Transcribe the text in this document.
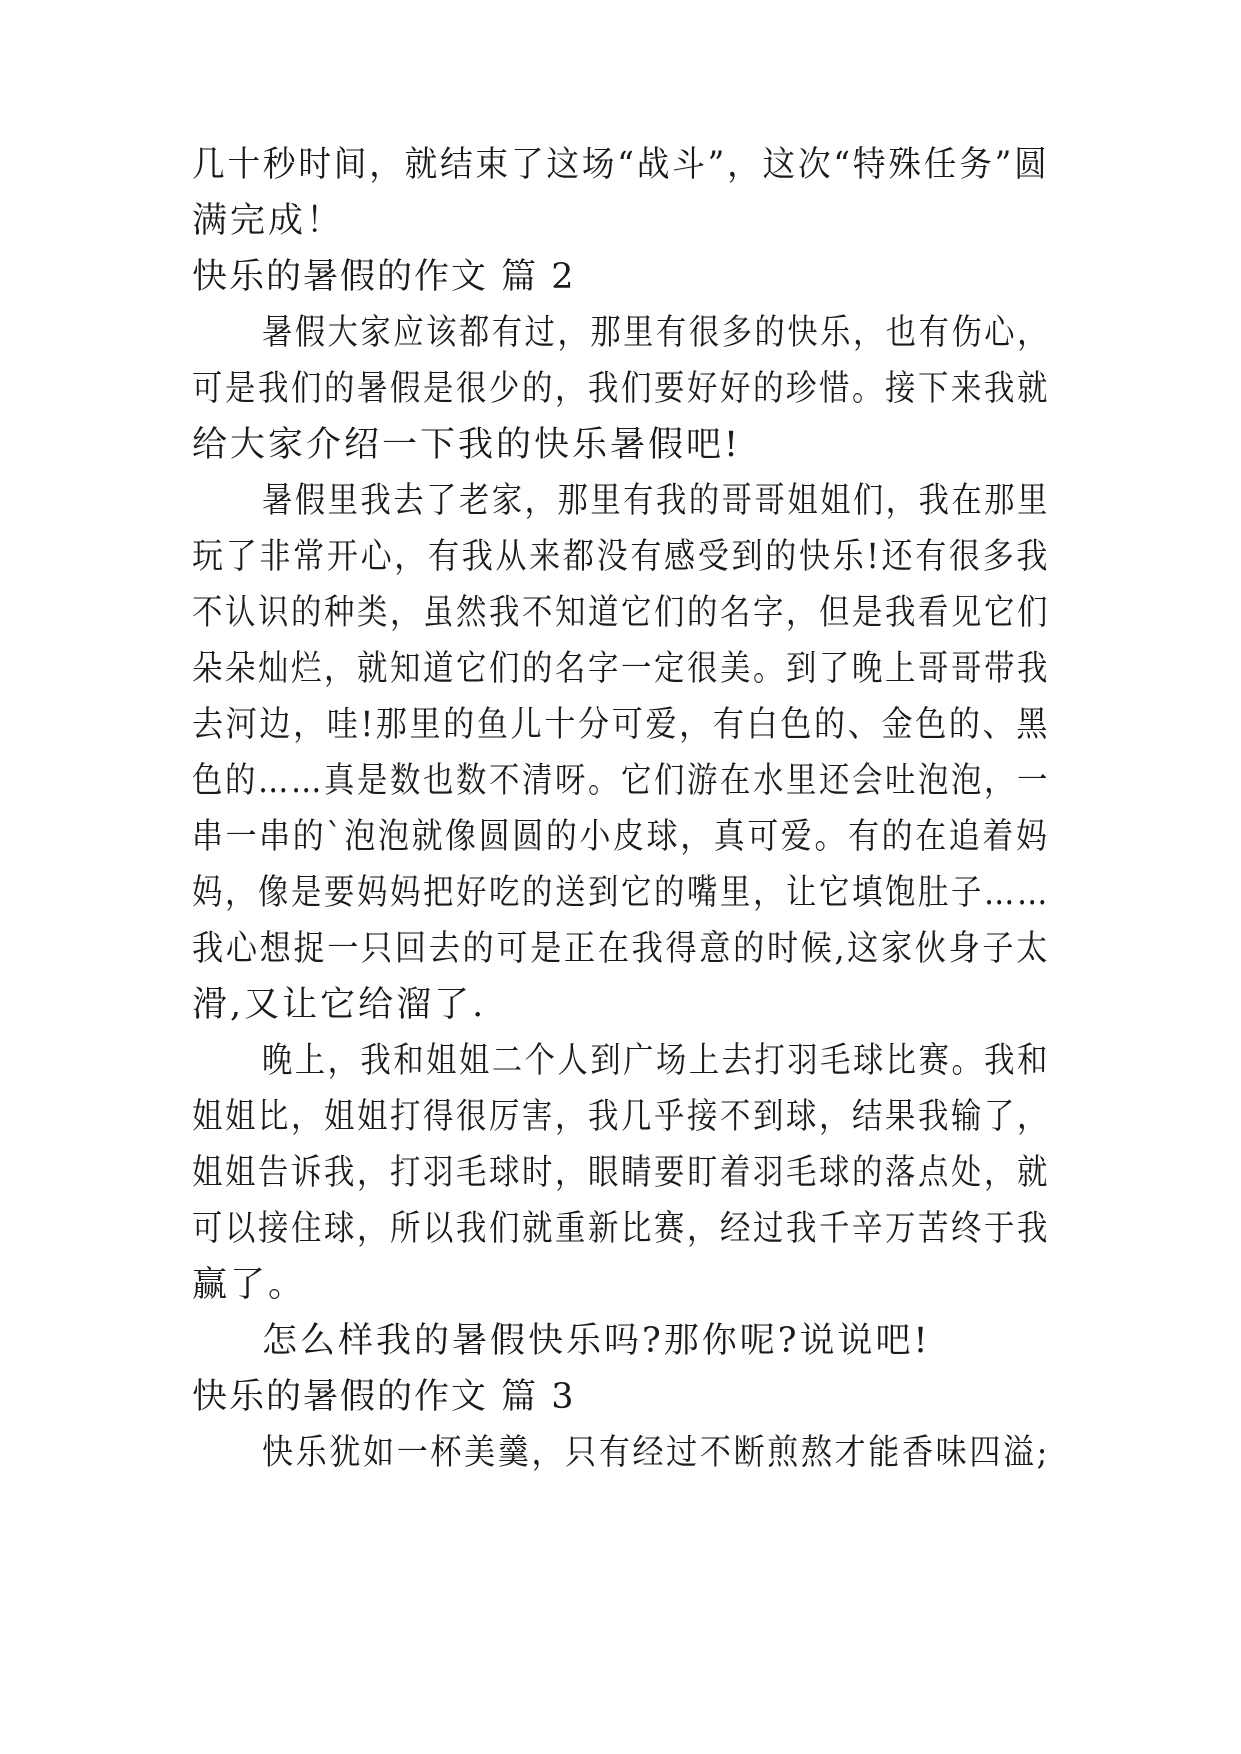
几十秒时间，就结束了这场“战斗”，这次“特殊任务”圆
满完成！
快乐的暑假的作文 篇 2
暑假大家应该都有过，那里有很多的快乐，也有伤心，
可是我们的暑假是很少的，我们要好好的珍惜。接下来我就
给大家介绍一下我的快乐暑假吧!
暑假里我去了老家，那里有我的哥哥姐姐们，我在那里
玩了非常开心，有我从来都没有感受到的快乐!还有很多我
不认识的种类，虽然我不知道它们的名字，但是我看见它们
朵朵灿烂，就知道它们的名字一定很美。到了晚上哥哥带我
去河边，哇!那里的鱼儿十分可爱，有白色的、金色的、黑
色的……真是数也数不清呀。它们游在水里还会吐泡泡，一
串一串的`泡泡就像圆圆的小皮球，真可爱。有的在追着妈
妈，像是要妈妈把好吃的送到它的嘴里，让它填饱肚子……
我心想捉一只回去的可是正在我得意的时候,这家伙身子太
滑,又让它给溜了.
晚上，我和姐姐二个人到广场上去打羽毛球比赛。我和
姐姐比，姐姐打得很厉害，我几乎接不到球，结果我输了，
姐姐告诉我，打羽毛球时，眼睛要盯着羽毛球的落点处，就
可以接住球，所以我们就重新比赛，经过我千辛万苦终于我
赢了。
怎么样我的暑假快乐吗?那你呢?说说吧!
快乐的暑假的作文 篇 3
快乐犹如一杯美羹，只有经过不断煎熬才能香味四溢;
